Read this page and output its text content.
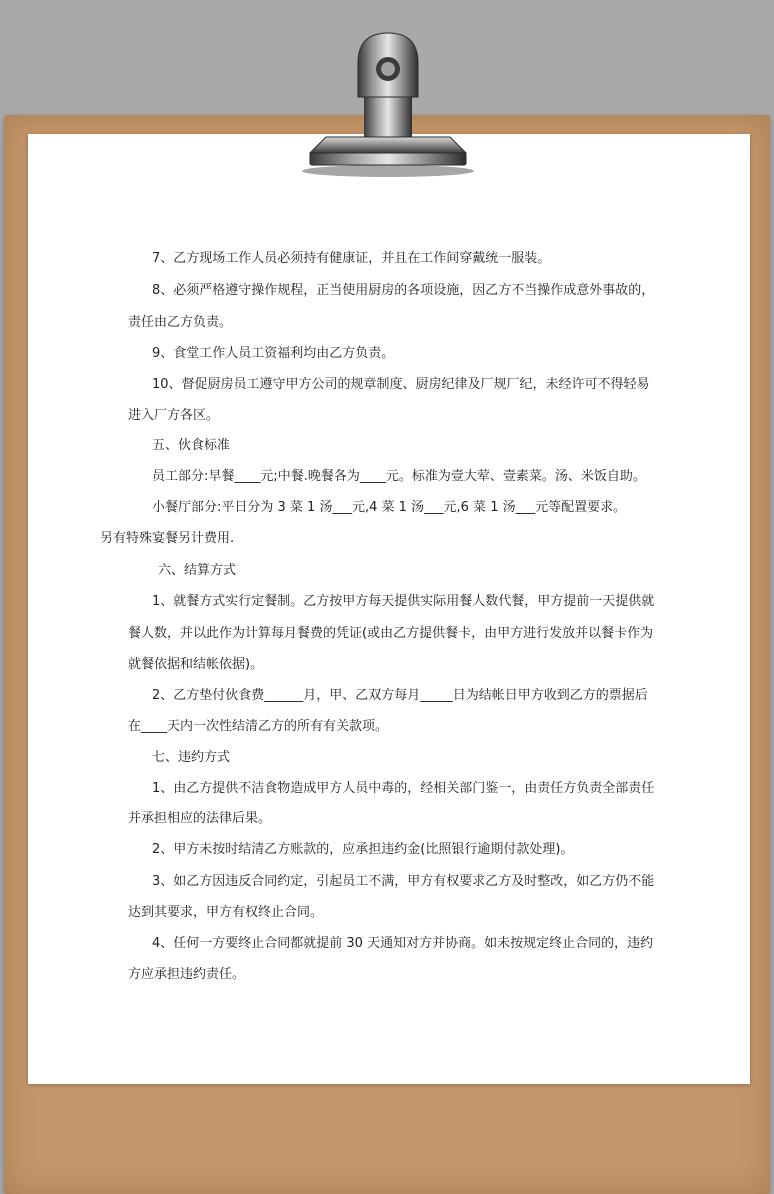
7、乙方现场工作人员必须持有健康证，并且在工作间穿戴统一服装。

8、必须严格遵守操作规程，正当使用厨房的各项设施，因乙方不当操作成意外事故的，

责任由乙方负责。

9、食堂工作人员工资福利均由乙方负责。

10、督促厨房员工遵守甲方公司的规章制度、厨房纪律及厂规厂纪，未经许可不得轻易

进入厂方各区。

五、伙食标准

员工部分:早餐____元;中餐.晚餐各为____元。标准为壹大荤、壹素菜。汤、米饭自助。

小餐厅部分:平日分为 3 菜 1 汤___元,4 菜 1 汤___元,6 菜 1 汤___元等配置要求。

另有特殊宴餐另计费用.

六、结算方式

1、就餐方式实行定餐制。乙方按甲方每天提供实际用餐人数代餐，甲方提前一天提供就

餐人数，并以此作为计算每月餐费的凭证(或由乙方提供餐卡，由甲方进行发放并以餐卡作为

就餐依据和结帐依据)。

2、乙方垫付伙食费______月，甲、乙双方每月_____日为结帐日甲方收到乙方的票据后

在____天内一次性结清乙方的所有有关款项。

七、违约方式

1、由乙方提供不洁食物造成甲方人员中毒的，经相关部门鉴一，由责任方负责全部责任

并承担相应的法律后果。

2、甲方未按时结清乙方账款的，应承担违约金(比照银行逾期付款处理)。

3、如乙方因违反合同约定，引起员工不满，甲方有权要求乙方及时整改，如乙方仍不能

达到其要求，甲方有权终止合同。

4、任何一方要终止合同都就提前 30 天通知对方并协商。如未按规定终止合同的，违约

方应承担违约责任。
